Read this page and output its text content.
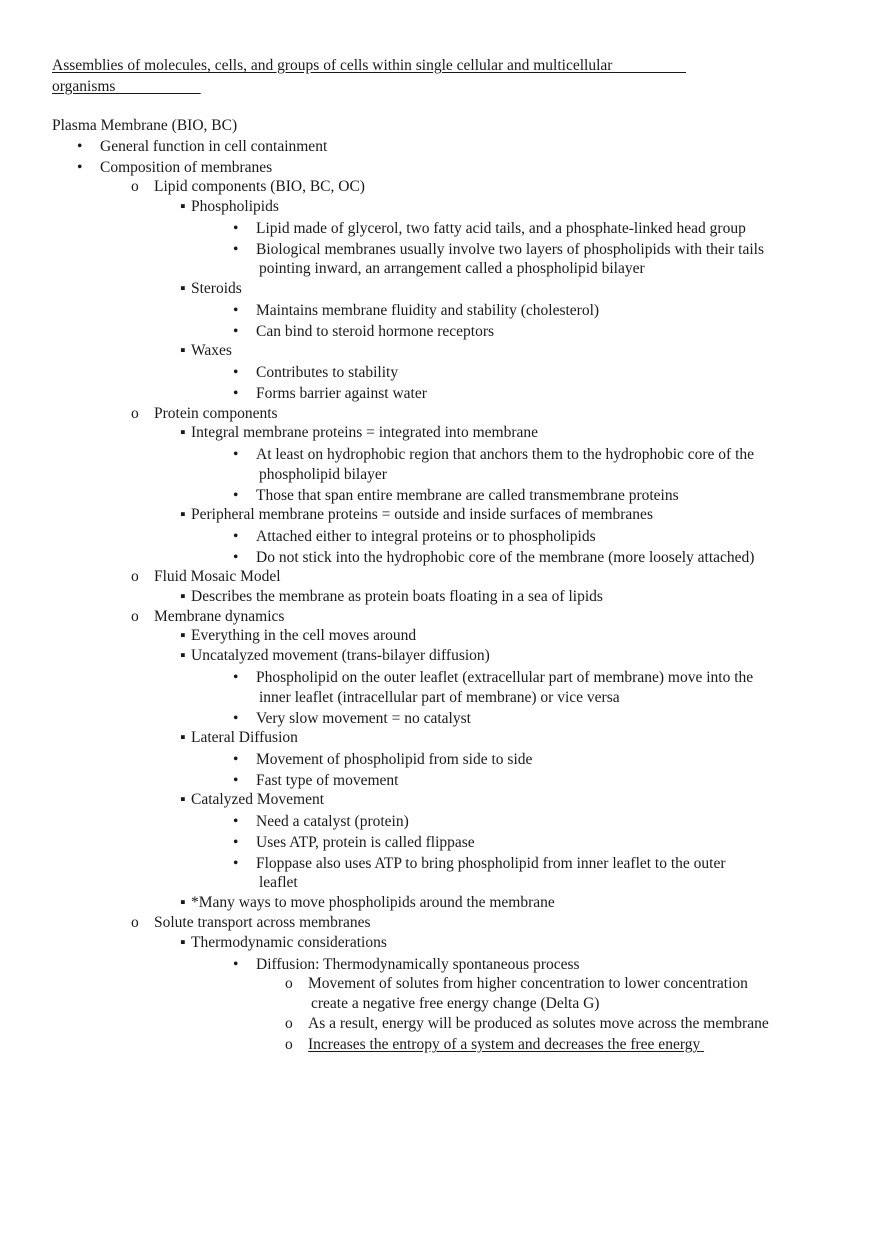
Assemblies of molecules, cells, and groups of cells within single cellular and multicellular
organisms
Plasma Membrane (BIO, BC)
• General function in cell containment
• Composition of membranes
o Lipid components (BIO, BC, OC)
▪ Phospholipids
• Lipid made of glycerol, two fatty acid tails, and a phosphate-linked head group
• Biological membranes usually involve two layers of phospholipids with their tails
pointing inward, an arrangement called a phospholipid bilayer
▪ Steroids
• Maintains membrane fluidity and stability (cholesterol)
• Can bind to steroid hormone receptors
▪ Waxes
• Contributes to stability
• Forms barrier against water
o Protein components
▪ Integral membrane proteins = integrated into membrane
• At least on hydrophobic region that anchors them to the hydrophobic core of the
phospholipid bilayer
• Those that span entire membrane are called transmembrane proteins
▪ Peripheral membrane proteins = outside and inside surfaces of membranes
• Attached either to integral proteins or to phospholipids
• Do not stick into the hydrophobic core of the membrane (more loosely attached)
o Fluid Mosaic Model
▪ Describes the membrane as protein boats floating in a sea of lipids
o Membrane dynamics
▪ Everything in the cell moves around
▪ Uncatalyzed movement (trans-bilayer diffusion)
• Phospholipid on the outer leaflet (extracellular part of membrane) move into the
inner leaflet (intracellular part of membrane) or vice versa
• Very slow movement = no catalyst
▪ Lateral Diffusion
• Movement of phospholipid from side to side
• Fast type of movement
▪ Catalyzed Movement
• Need a catalyst (protein)
• Uses ATP, protein is called flippase
• Floppase also uses ATP to bring phospholipid from inner leaflet to the outer
leaflet
▪ *Many ways to move phospholipids around the membrane
o Solute transport across membranes
▪ Thermodynamic considerations
• Diffusion: Thermodynamically spontaneous process
o Movement of solutes from higher concentration to lower concentration
create a negative free energy change (Delta G)
o As a result, energy will be produced as solutes move across the membrane
o Increases the entropy of a system and decreases the free energy
